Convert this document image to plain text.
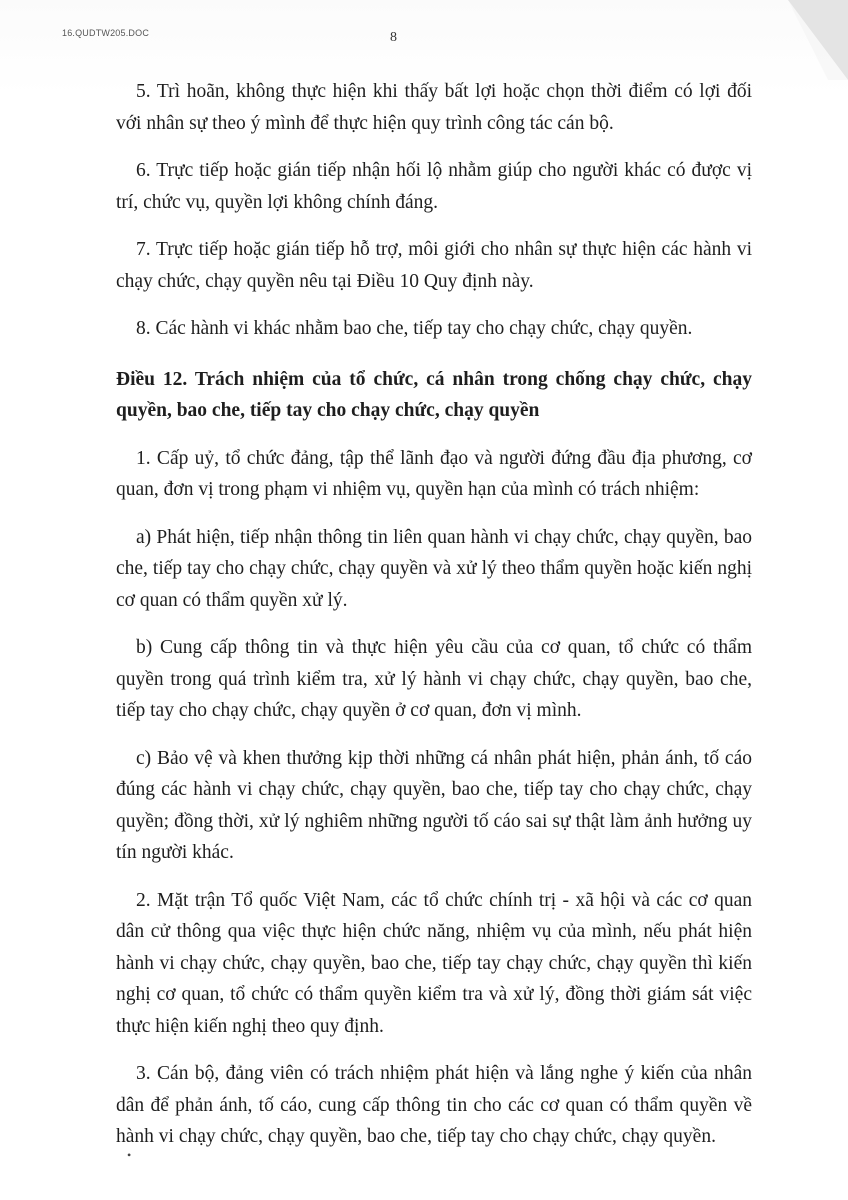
16.QUDTW205.DOC	8

5. Trì hoãn, không thực hiện khi thấy bất lợi hoặc chọn thời điểm có lợi đối với nhân sự theo ý mình để thực hiện quy trình công tác cán bộ.

6. Trực tiếp hoặc gián tiếp nhận hối lộ nhằm giúp cho người khác có được vị trí, chức vụ, quyền lợi không chính đáng.

7. Trực tiếp hoặc gián tiếp hỗ trợ, môi giới cho nhân sự thực hiện các hành vi chạy chức, chạy quyền nêu tại Điều 10 Quy định này.

8. Các hành vi khác nhằm bao che, tiếp tay cho chạy chức, chạy quyền.

Điều 12. Trách nhiệm của tổ chức, cá nhân trong chống chạy chức, chạy quyền, bao che, tiếp tay cho chạy chức, chạy quyền

1. Cấp uỷ, tổ chức đảng, tập thể lãnh đạo và người đứng đầu địa phương, cơ quan, đơn vị trong phạm vi nhiệm vụ, quyền hạn của mình có trách nhiệm:

a) Phát hiện, tiếp nhận thông tin liên quan hành vi chạy chức, chạy quyền, bao che, tiếp tay cho chạy chức, chạy quyền và xử lý theo thẩm quyền hoặc kiến nghị cơ quan có thẩm quyền xử lý.

b) Cung cấp thông tin và thực hiện yêu cầu của cơ quan, tổ chức có thẩm quyền trong quá trình kiểm tra, xử lý hành vi chạy chức, chạy quyền, bao che, tiếp tay cho chạy chức, chạy quyền ở cơ quan, đơn vị mình.

c) Bảo vệ và khen thưởng kịp thời những cá nhân phát hiện, phản ánh, tố cáo đúng các hành vi chạy chức, chạy quyền, bao che, tiếp tay cho chạy chức, chạy quyền; đồng thời, xử lý nghiêm những người tố cáo sai sự thật làm ảnh hưởng uy tín người khác.

2. Mặt trận Tổ quốc Việt Nam, các tổ chức chính trị - xã hội và các cơ quan dân cử thông qua việc thực hiện chức năng, nhiệm vụ của mình, nếu phát hiện hành vi chạy chức, chạy quyền, bao che, tiếp tay chạy chức, chạy quyền thì kiến nghị cơ quan, tổ chức có thẩm quyền kiểm tra và xử lý, đồng thời giám sát việc thực hiện kiến nghị theo quy định.

3. Cán bộ, đảng viên có trách nhiệm phát hiện và lắng nghe ý kiến của nhân dân để phản ánh, tố cáo, cung cấp thông tin cho các cơ quan có thẩm quyền về hành vi chạy chức, chạy quyền, bao che, tiếp tay cho chạy chức, chạy quyền.

•
